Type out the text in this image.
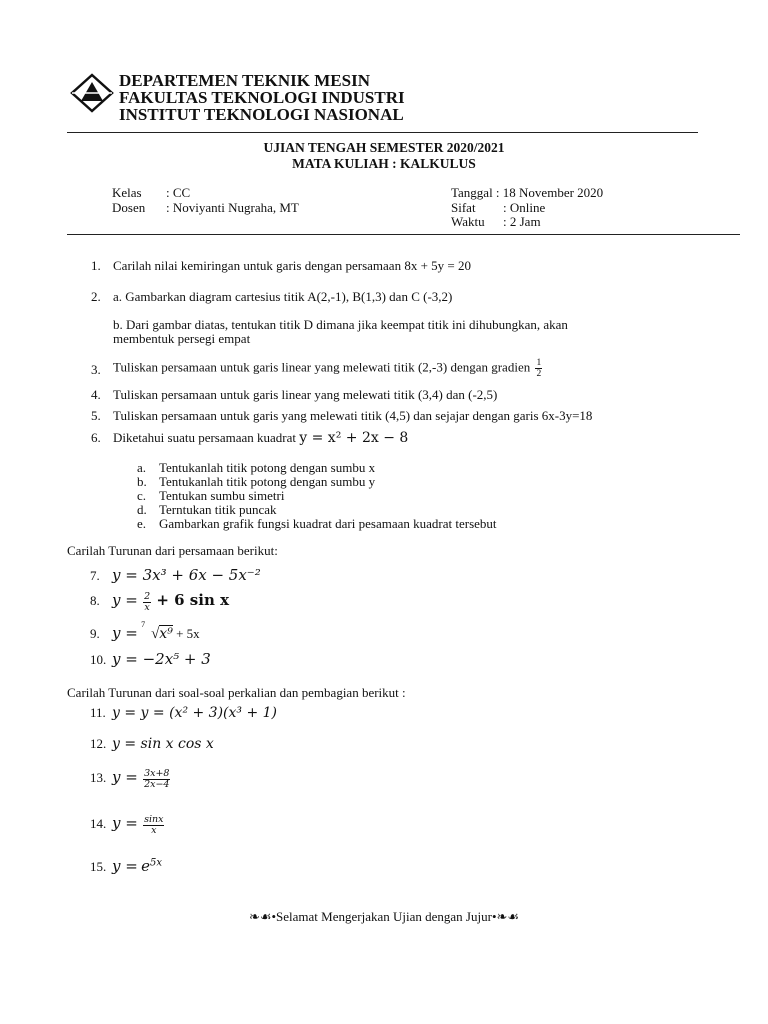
DEPARTEMEN TEKNIK MESIN
FAKULTAS TEKNOLOGI INDUSTRI
INSTITUT TEKNOLOGI NASIONAL
UJIAN TENGAH SEMESTER 2020/2021
MATA KULIAH : KALKULUS
Kelas : CC
Dosen : Noviyanti Nugraha, MT
Tanggal : 18 November 2020
Sifat : Online
Waktu : 2 Jam
1. Carilah nilai kemiringan untuk garis dengan persamaan 8x + 5y = 20
2. a. Gambarkan diagram cartesius titik A(2,-1), B(1,3) dan C (-3,2)
b. Dari gambar diatas, tentukan titik D dimana jika keempat titik ini dihubungkan, akan
membentuk persegi empat
3. Tuliskan persamaan untuk garis linear yang melewati titik (2,-3) dengan gradien $\frac{1}{2}$
4. Tuliskan persamaan untuk garis linear yang melewati titik (3,4) dan (-2,5)
5. Tuliskan persamaan untuk garis yang melewati titik (4,5) dan sejajar dengan garis 6x-3y=18
6. Diketahui suatu persamaan kuadrat y = x² + 2x − 8
a. Tentukanlah titik potong dengan sumbu x
b. Tentukanlah titik potong dengan sumbu y
c. Tentukan sumbu simetri
d. Terntukan titik puncak
e. Gambarkan grafik fungsi kuadrat dari pesamaan kuadrat tersebut
Carilah Turunan dari persamaan berikut:
7. y = 3x³ + 6x − 5x⁻²
8. $y = \frac{2}{x} + 6$ sin x
9. y = 7
√x⁹ + 5x
10. y = −2x⁵ + 3
Carilah Turunan dari soal-soal perkalian dan pembagian berikut :
11. y = y = (x² + 3)(x³ + 1)
12. y = sin x cos x
13. $y = \frac{3x+8}{2x-4}$
14. $y = \frac{\sin x}{x}$
15. $y = e^{5x}$
❧☙•Selamat Mengerjakan Ujian dengan Jujur•❧☙
